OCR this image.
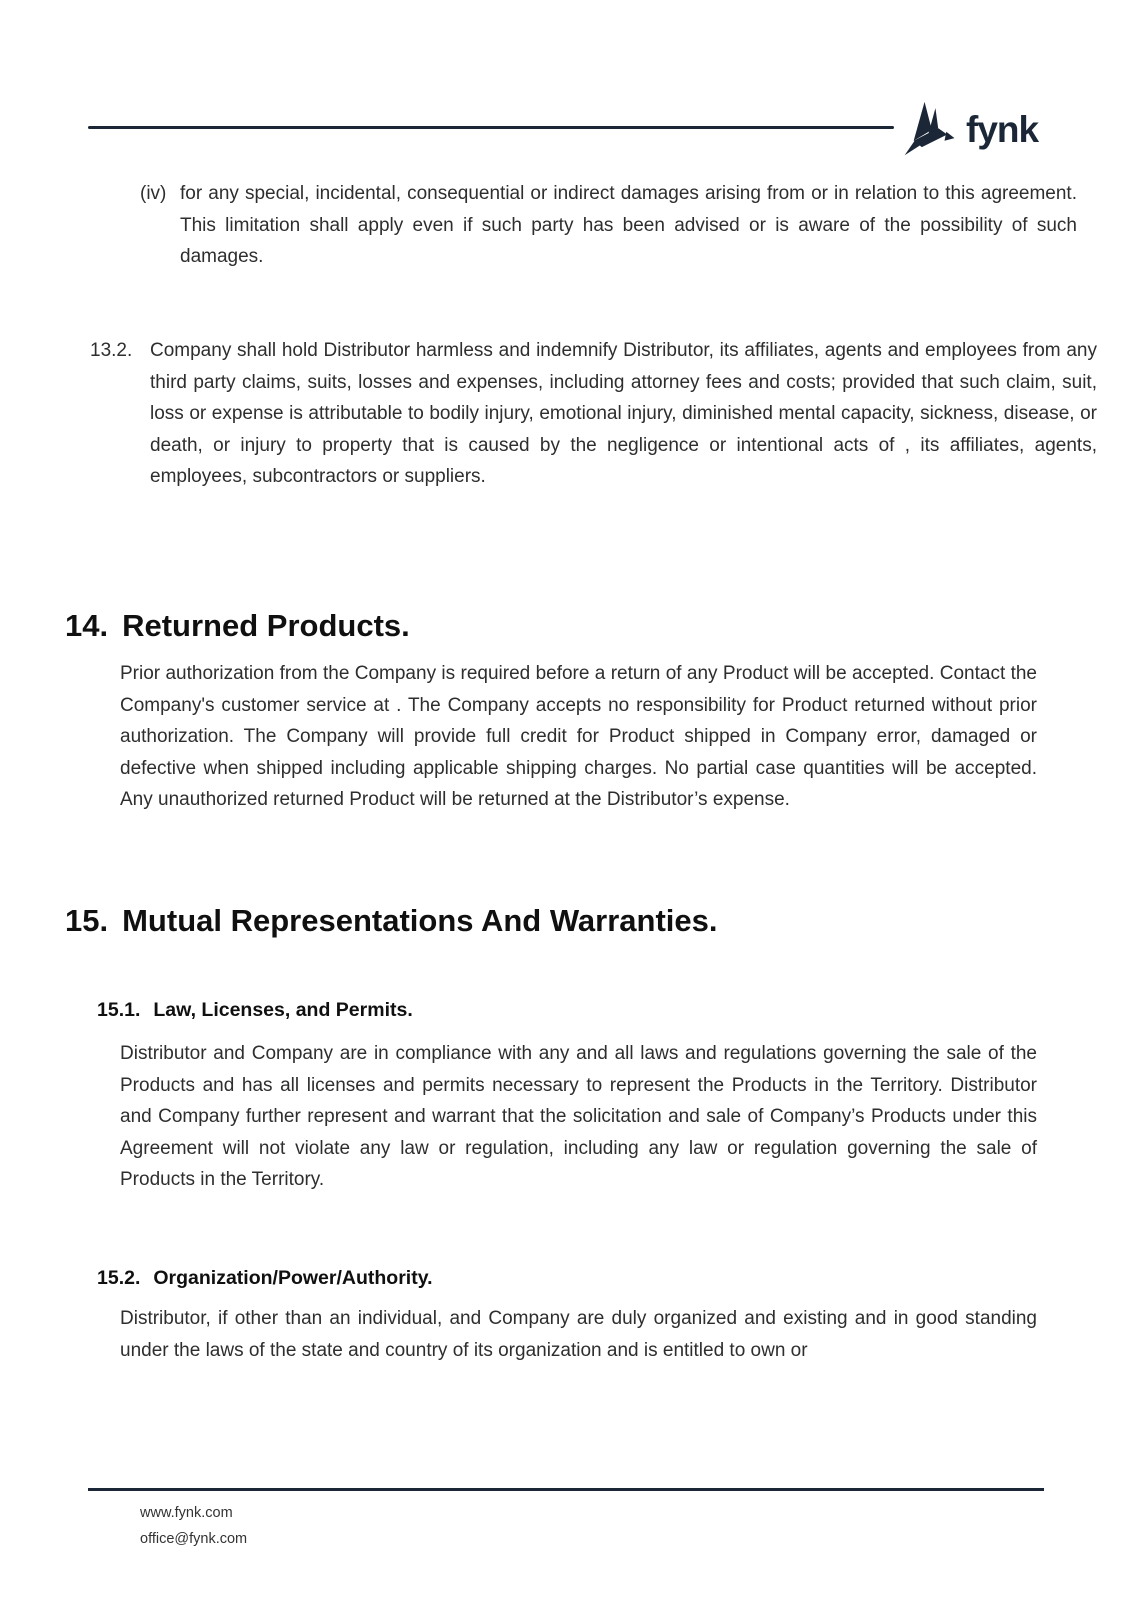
fynk
(iv) for any special, incidental, consequential or indirect damages arising from or in relation to this agreement. This limitation shall apply even if such party has been advised or is aware of the possibility of such damages.
13.2. Company shall hold Distributor harmless and indemnify Distributor, its affiliates, agents and employees from any third party claims, suits, losses and expenses, including attorney fees and costs; provided that such claim, suit, loss or expense is attributable to bodily injury, emotional injury, diminished mental capacity, sickness, disease, or death, or injury to property that is caused by the negligence or intentional acts of , its affiliates, agents, employees, subcontractors or suppliers.
14. Returned Products.
Prior authorization from the Company is required before a return of any Product will be accepted. Contact the Company's customer service at . The Company accepts no responsibility for Product returned without prior authorization. The Company will provide full credit for Product shipped in Company error, damaged or defective when shipped including applicable shipping charges. No partial case quantities will be accepted. Any unauthorized returned Product will be returned at the Distributor’s expense.
15. Mutual Representations And Warranties.
15.1. Law, Licenses, and Permits.
Distributor and Company are in compliance with any and all laws and regulations governing the sale of the Products and has all licenses and permits necessary to represent the Products in the Territory. Distributor and Company further represent and warrant that the solicitation and sale of Company’s Products under this Agreement will not violate any law or regulation, including any law or regulation governing the sale of Products in the Territory.
15.2. Organization/Power/Authority.
Distributor, if other than an individual, and Company are duly organized and existing and in good standing under the laws of the state and country of its organization and is entitled to own or
www.fynk.com
office@fynk.com
